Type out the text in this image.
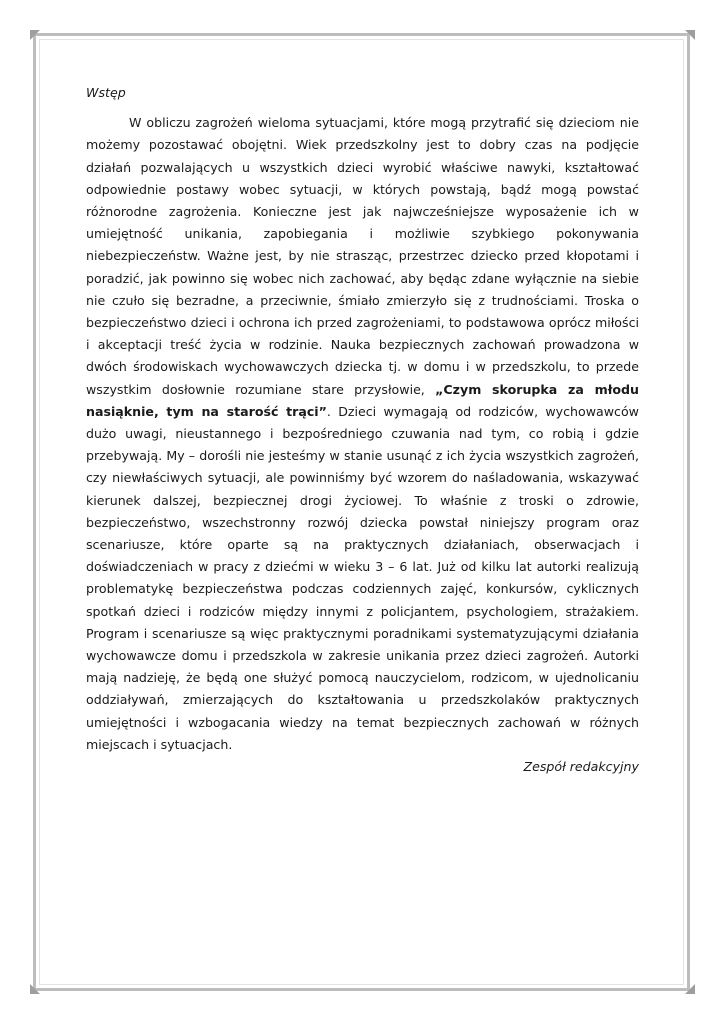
Wstęp

W obliczu zagrożeń wieloma sytuacjami, które mogą przytrafić się dzieciom nie możemy pozostawać obojętni. Wiek przedszkolny jest to dobry czas na podjęcie działań pozwalających u wszystkich dzieci wyrobić właściwe nawyki, kształtować odpowiednie postawy wobec sytuacji, w których powstają, bądź mogą powstać różnorodne zagrożenia. Konieczne jest jak najwcześniejsze wyposażenie ich w umiejętność unikania, zapobiegania i możliwie szybkiego pokonywania niebezpieczeństw. Ważne jest, by nie strasząc, przestrzec dziecko przed kłopotami i poradzić, jak powinno się wobec nich zachować, aby będąc zdane wyłącznie na siebie nie czuło się bezradne, a przeciwnie, śmiało zmierzyło się z trudnościami. Troska o bezpieczeństwo dzieci i ochrona ich przed zagrożeniami, to podstawowa oprócz miłości i akceptacji treść życia w rodzinie. Nauka bezpiecznych zachowań prowadzona w dwóch środowiskach wychowawczych dziecka tj. w domu i w przedszkolu, to przede wszystkim dosłownie rozumiane stare przysłowie, „Czym skorupka za młodu nasiąknie, tym na starość trąci”. Dzieci wymagają od rodziców, wychowawców dużo uwagi, nieustannego i bezpośredniego czuwania nad tym, co robią i gdzie przebywają. My – dorośli nie jesteśmy w stanie usunąć z ich życia wszystkich zagrożeń, czy niewłaściwych sytuacji, ale powinniśmy być wzorem do naśladowania, wskazywać kierunek dalszej, bezpiecznej drogi życiowej. To właśnie z troski o zdrowie, bezpieczeństwo, wszechstronny rozwój dziecka powstał niniejszy program oraz scenariusze, które oparte są na praktycznych działaniach, obserwacjach i doświadczeniach w pracy z dziećmi w wieku 3 – 6 lat. Już od kilku lat autorki realizują problematykę bezpieczeństwa podczas codziennych zajęć, konkursów, cyklicznych spotkań dzieci i rodziców między innymi z policjantem, psychologiem, strażakiem. Program i scenariusze są więc praktycznymi poradnikami systematyzującymi działania wychowawcze domu i przedszkola w zakresie unikania przez dzieci zagrożeń. Autorki mają nadzieję, że będą one służyć pomocą nauczycielom, rodzicom, w ujednolicaniu oddziaływań, zmierzających do kształtowania u przedszkolaków praktycznych umiejętności i wzbogacania wiedzy na temat bezpiecznych zachowań w różnych miejscach i sytuacjach.

Zespół redakcyjny
